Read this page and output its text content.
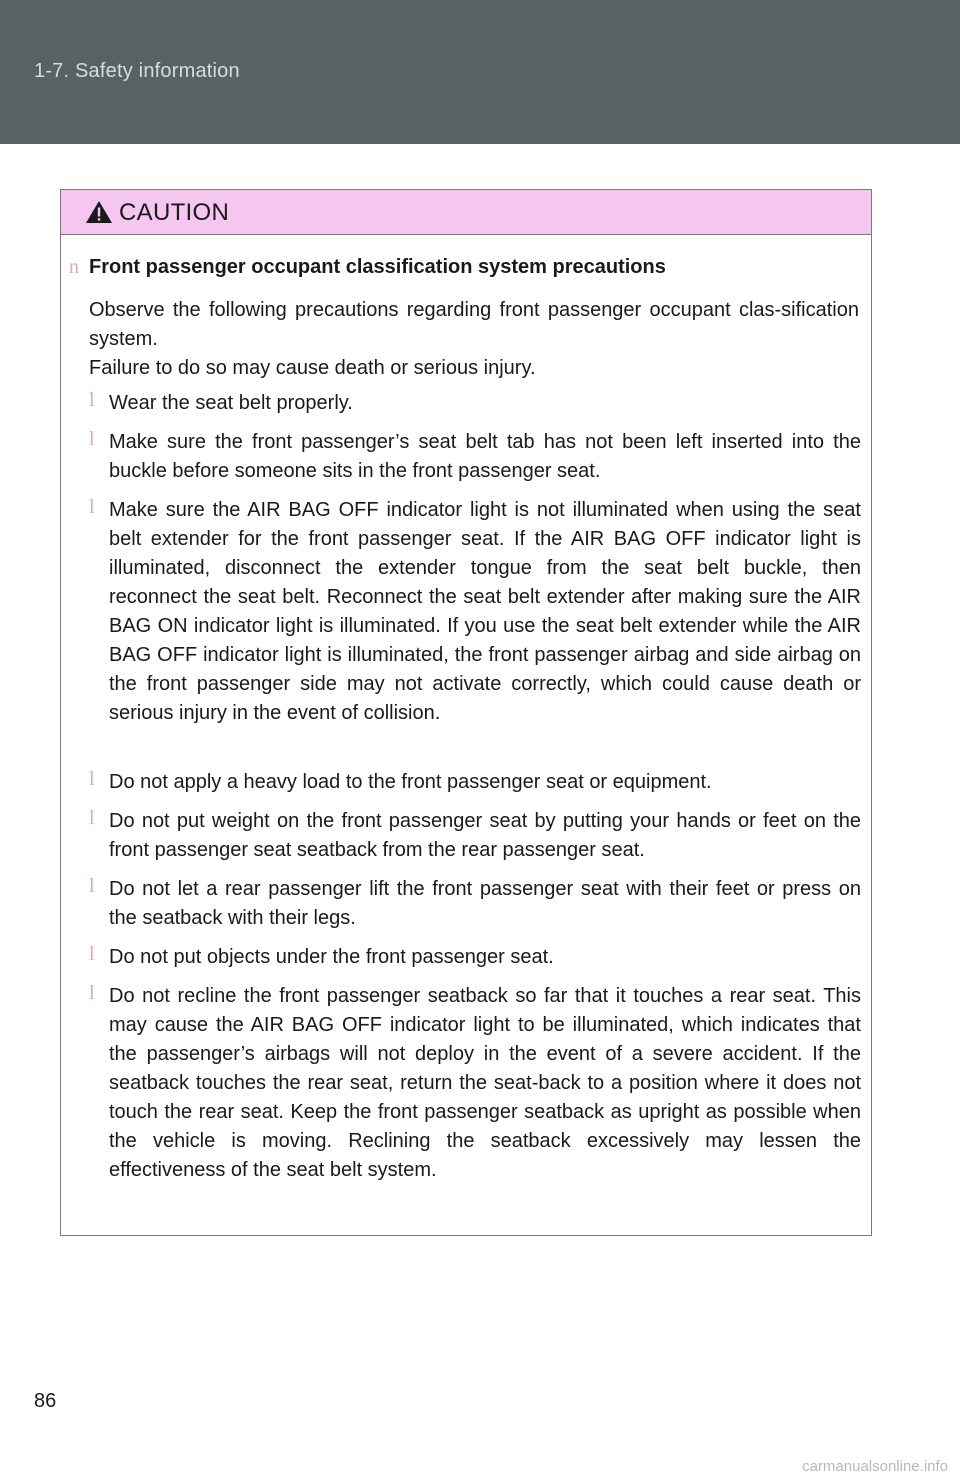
1-7. Safety information
CAUTION
n Front passenger occupant classification system precautions

Observe the following precautions regarding front passenger occupant clas-sification system.
Failure to do so may cause death or serious injury.

l Wear the seat belt properly.

l Make sure the front passenger’s seat belt tab has not been left inserted into the buckle before someone sits in the front passenger seat.

l Make sure the AIR BAG OFF indicator light is not illuminated when using the seat belt extender for the front passenger seat. If the AIR BAG OFF indicator light is illuminated, disconnect the extender tongue from the seat belt buckle, then reconnect the seat belt. Reconnect the seat belt extender after making sure the AIR BAG ON indicator light is illuminated. If you use the seat belt extender while the AIR BAG OFF indicator light is illuminated, the front passenger airbag and side airbag on the front passenger side may not activate correctly, which could cause death or serious injury in the event of collision.

l Do not apply a heavy load to the front passenger seat or equipment.

l Do not put weight on the front passenger seat by putting your hands or feet on the front passenger seat seatback from the rear passenger seat.

l Do not let a rear passenger lift the front passenger seat with their feet or press on the seatback with their legs.

l Do not put objects under the front passenger seat.

l Do not recline the front passenger seatback so far that it touches a rear seat. This may cause the AIR BAG OFF indicator light to be illuminated, which indicates that the passenger’s airbags will not deploy in the event of a severe accident. If the seatback touches the rear seat, return the seat-back to a position where it does not touch the rear seat. Keep the front passenger seatback as upright as possible when the vehicle is moving. Reclining the seatback excessively may lessen the effectiveness of the seat belt system.

86
carmanualsonline.info
